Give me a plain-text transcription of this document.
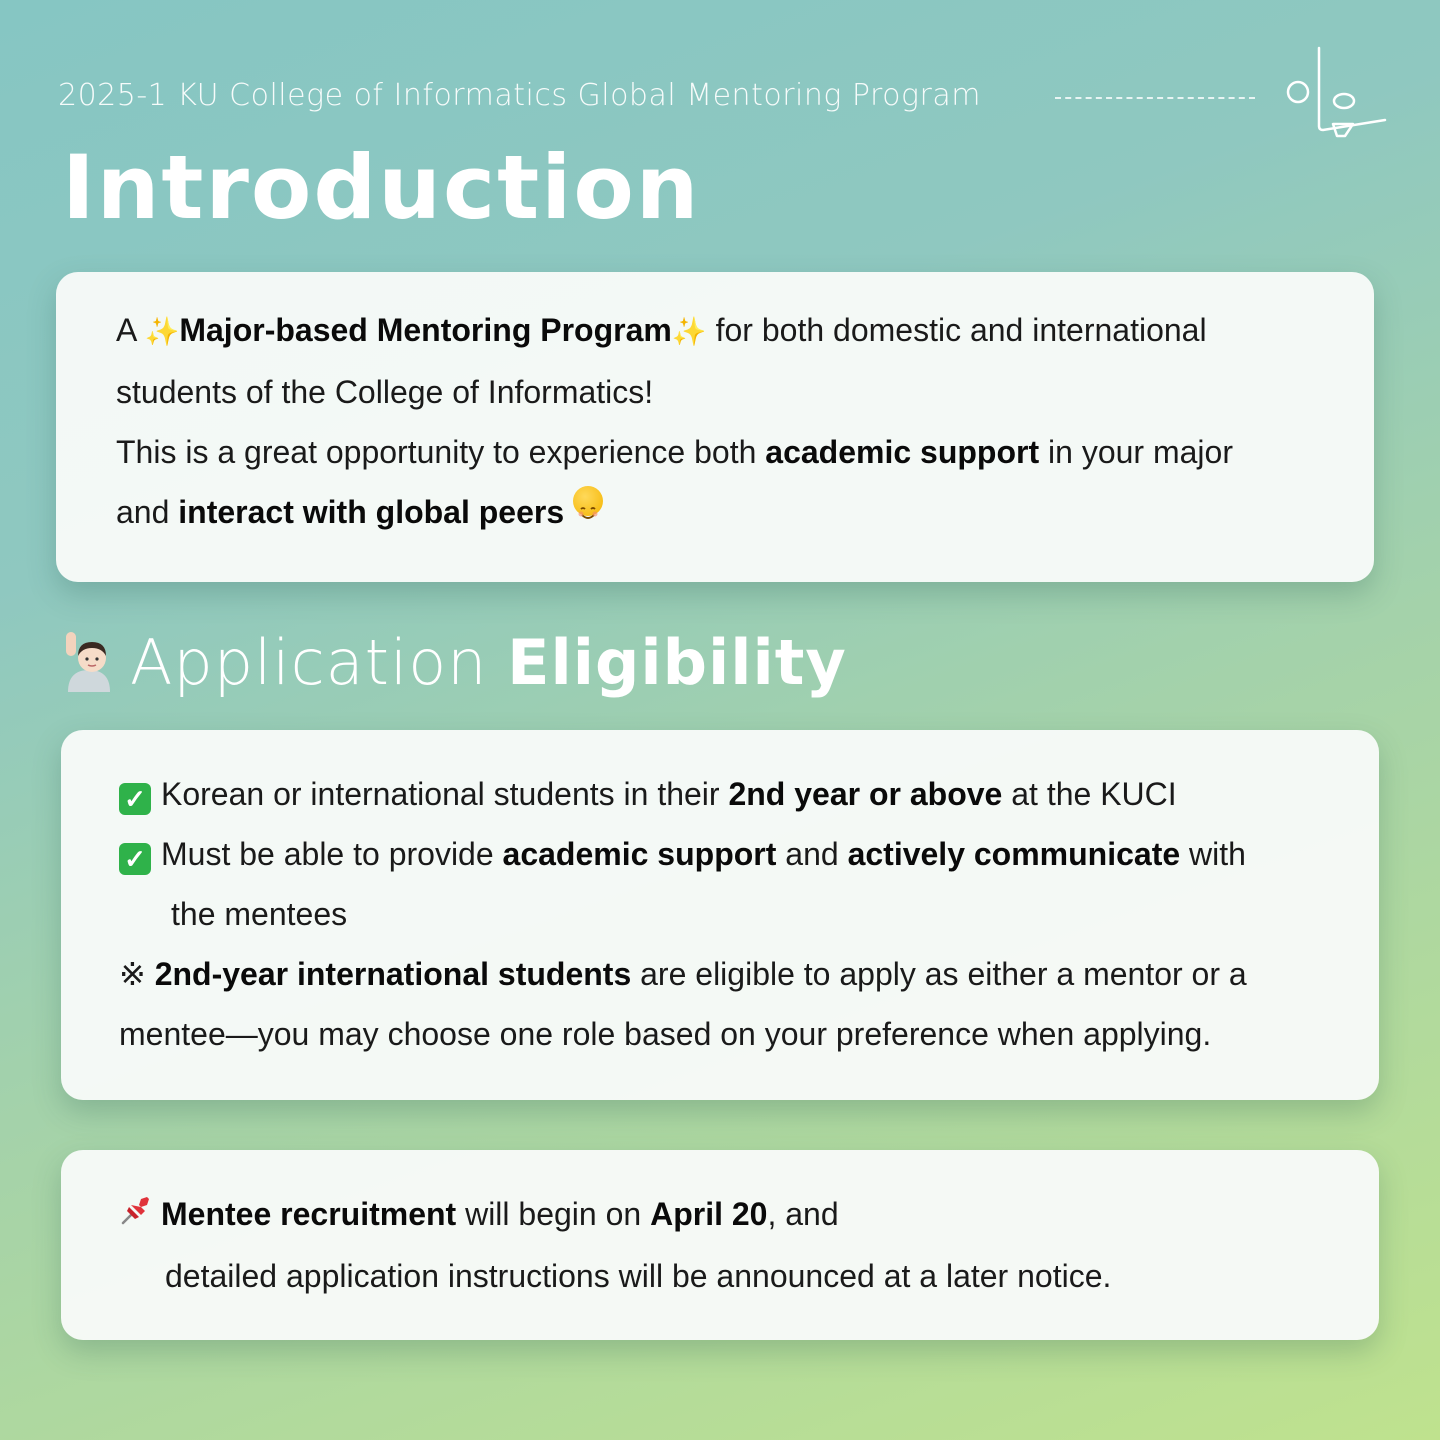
2025-1 KU College of Informatics Global Mentoring Program
Introduction

A ✨Major-based Mentoring Program✨ for both domestic and international
students of the College of Informatics!
This is a great opportunity to experience both academic support in your major
and interact with global peers

Application Eligibility

✓ Korean or international students in their 2nd year or above at the KUCI

✓ Must be able to provide academic support and actively communicate with
the mentees

※ 2nd-year international students are eligible to apply as either a mentor or a
mentee—you may choose one role based on your preference when applying.

Mentee recruitment will begin on April 20, and
detailed application instructions will be announced at a later notice.
